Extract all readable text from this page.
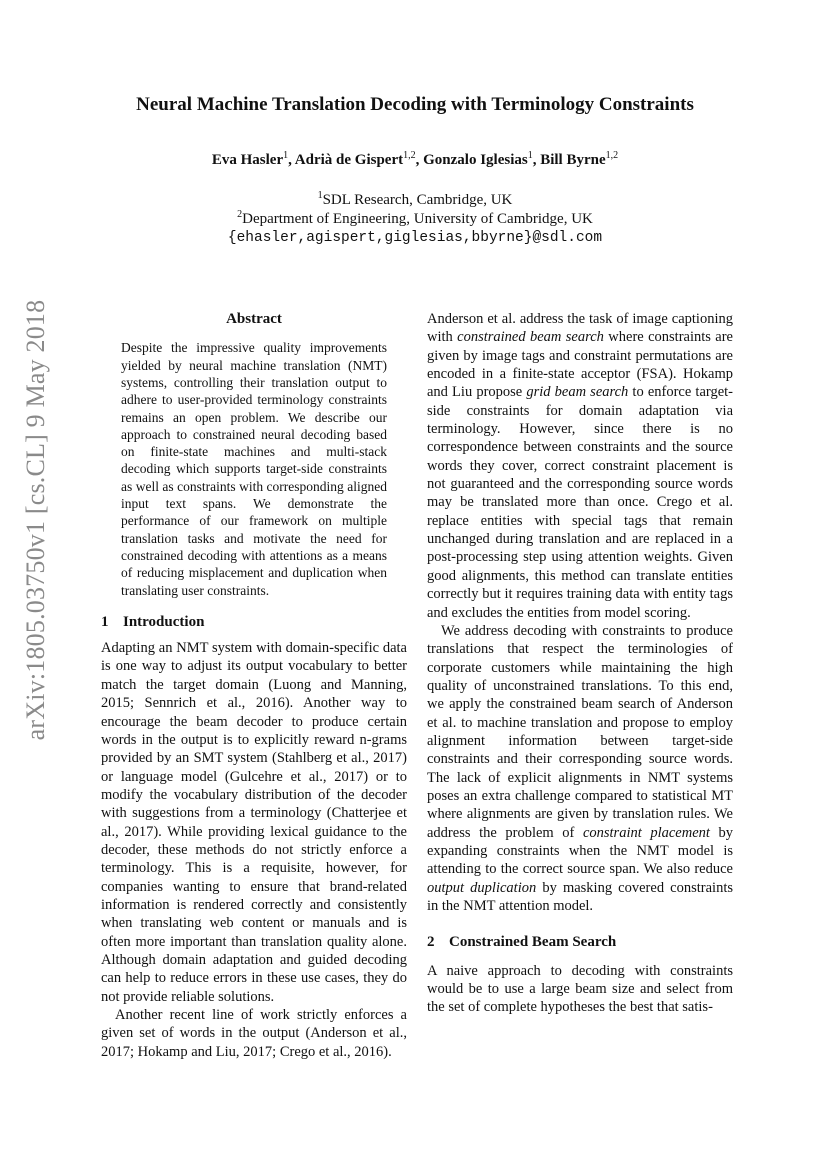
arXiv:1805.03750v1 [cs.CL] 9 May 2018
Neural Machine Translation Decoding with Terminology Constraints
Eva Hasler$^1$, Adrià de Gispert$^{1,2}$, Gonzalo Iglesias$^1$, Bill Byrne$^{1,2}$
$^1$SDL Research, Cambridge, UK
$^2$Department of Engineering, University of Cambridge, UK
{ehasler,agispert,giglesias,bbyrne}@sdl.com
Abstract

Despite the impressive quality improvements yielded by neural machine translation (NMT) systems, controlling their translation output to adhere to user-provided terminology constraints remains an open problem. We describe our approach to constrained neural decoding based on finite-state machines and multi-stack decoding which supports target-side constraints as well as constraints with corresponding aligned input text spans. We demonstrate the performance of our framework on multiple translation tasks and motivate the need for constrained decoding with attentions as a means of reducing misplacement and duplication when translating user constraints.

1 Introduction

Adapting an NMT system with domain-specific data is one way to adjust its output vocabulary to better match the target domain (Luong and Manning, 2015; Sennrich et al., 2016). Another way to encourage the beam decoder to produce certain words in the output is to explicitly reward n-grams provided by an SMT system (Stahlberg et al., 2017) or language model (Gulcehre et al., 2017) or to modify the vocabulary distribution of the decoder with suggestions from a terminology (Chatterjee et al., 2017). While providing lexical guidance to the decoder, these methods do not strictly enforce a terminology. This is a requisite, however, for companies wanting to ensure that brand-related information is rendered correctly and consistently when translating web content or manuals and is often more important than translation quality alone. Although domain adaptation and guided decoding can help to reduce errors in these use cases, they do not provide reliable solutions.

Another recent line of work strictly enforces a given set of words in the output (Anderson et al., 2017; Hokamp and Liu, 2017; Crego et al., 2016).

Anderson et al. address the task of image captioning with constrained beam search where constraints are given by image tags and constraint permutations are encoded in a finite-state acceptor (FSA). Hokamp and Liu propose grid beam search to enforce target-side constraints for domain adaptation via terminology. However, since there is no correspondence between constraints and the source words they cover, correct constraint placement is not guaranteed and the corresponding source words may be translated more than once. Crego et al. replace entities with special tags that remain unchanged during translation and are replaced in a post-processing step using attention weights. Given good alignments, this method can translate entities correctly but it requires training data with entity tags and excludes the entities from model scoring.

We address decoding with constraints to produce translations that respect the terminologies of corporate customers while maintaining the high quality of unconstrained translations. To this end, we apply the constrained beam search of Anderson et al. to machine translation and propose to employ alignment information between target-side constraints and their corresponding source words. The lack of explicit alignments in NMT systems poses an extra challenge compared to statistical MT where alignments are given by translation rules. We address the problem of constraint placement by expanding constraints when the NMT model is attending to the correct source span. We also reduce output duplication by masking covered constraints in the NMT attention model.

2 Constrained Beam Search

A naive approach to decoding with constraints would be to use a large beam size and select from the set of complete hypotheses the best that satis-
